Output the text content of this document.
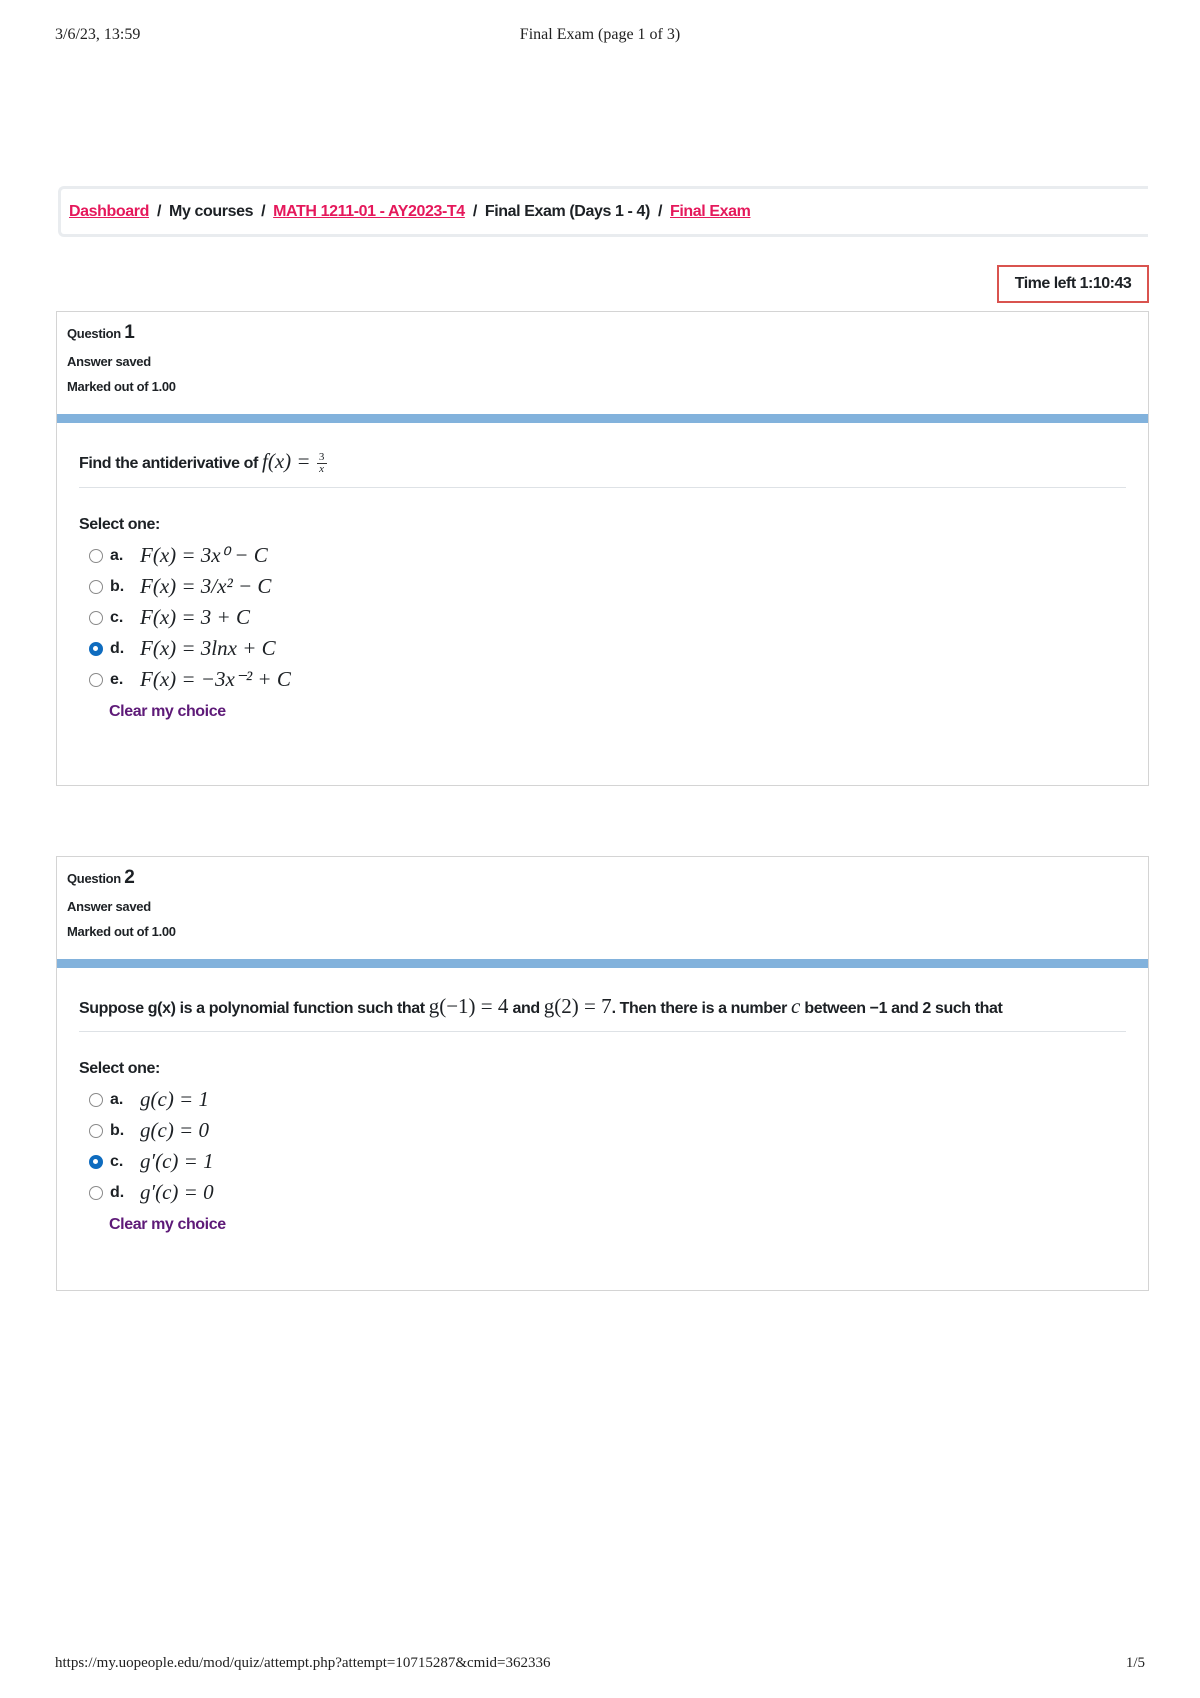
3/6/23, 13:59	Final Exam (page 1 of 3)
Dashboard / My courses / MATH 1211-01 - AY2023-T4 / Final Exam (Days 1 - 4) / Final Exam
Time left 1:10:43
Question 1
Answer saved
Marked out of 1.00
Find the antiderivative of $f(x) = \frac{3}{x}$
Select one:
a. F(x) = 3x⁰ − C
b. F(x) = 3/x² − C
c. F(x) = 3 + C
d. F(x) = 3lnx + C
e. F(x) = −3x⁻² + C
Clear my choice
Question 2
Answer saved
Marked out of 1.00
Suppose g(x) is a polynomial function such that g(−1) = 4 and g(2) = 7. Then there is a number c between −1 and 2 such that
Select one:
a. g(c) = 1
b. g(c) = 0
c. g′(c) = 1
d. g′(c) = 0
Clear my choice
https://my.uopeople.edu/mod/quiz/attempt.php?attempt=10715287&cmid=362336	1/5
